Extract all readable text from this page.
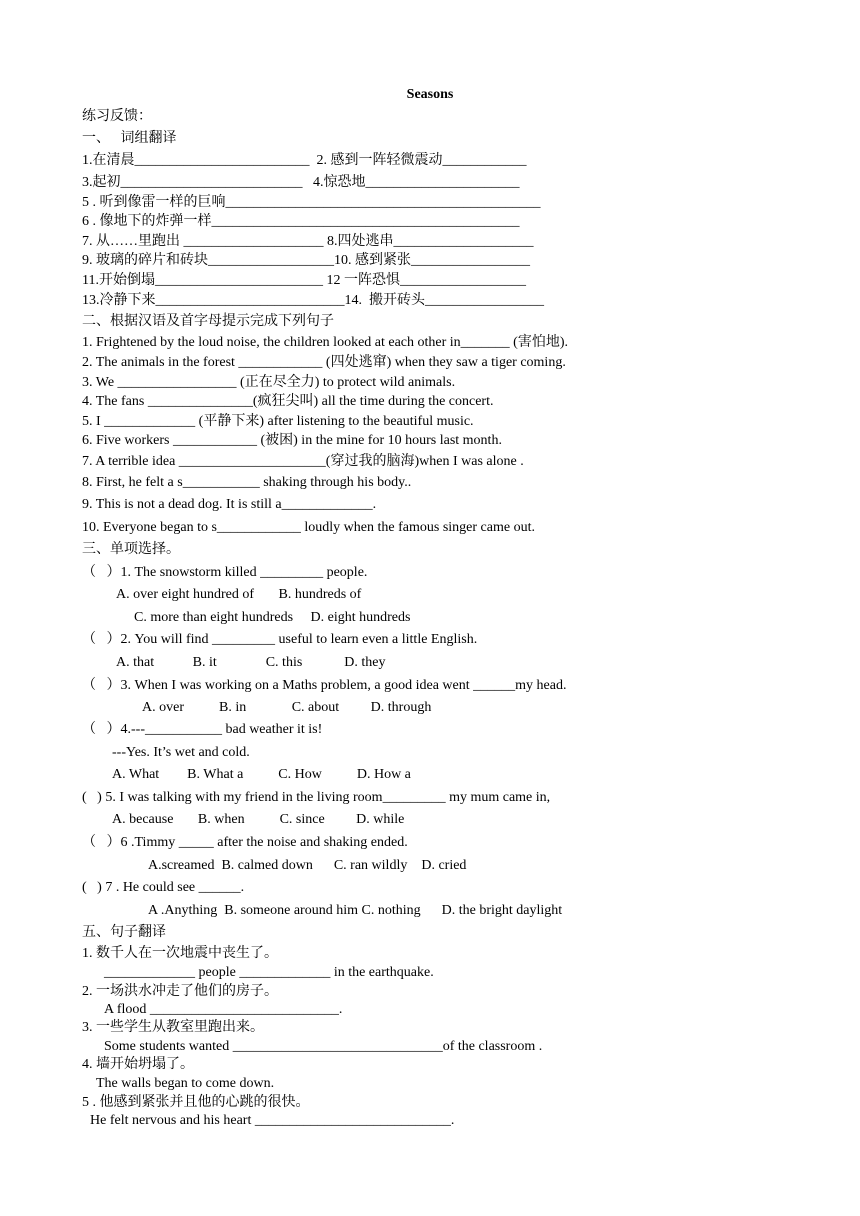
Seasons
练习反馈：
一、   词组翻译
1.在清晨_________________________  2. 感到一阵轻微震动____________
3.起初__________________________   4.惊恐地______________________
5 . 听到像雷一样的巨响_____________________________________________
6 . 像地下的炸弹一样____________________________________________
7. 从……里跑出 ____________________ 8.四处逃串____________________
9. 玻璃的碎片和砖块__________________10. 感到紧张_________________
11.开始倒塌________________________ 12 一阵恐惧__________________
13.冷静下来___________________________14.  搬开砖头_________________
二、根据汉语及首字母提示完成下列句子
1. Frightened by the loud noise, the children looked at each other in_______ (害怕地).
2. The animals in the forest ____________ (四处逃窜) when they saw a tiger coming.
3. We _________________ (正在尽全力) to protect wild animals.
4. The fans _______________(疯狂尖叫) all the time during the concert.
5. I _____________ (平静下来) after listening to the beautiful music.
6. Five workers ____________ (被困) in the mine for 10 hours last month.
7. A terrible idea _____________________(穿过我的脑海)when I was alone .
8. First, he felt a s___________ shaking through his body..
9. This is not a dead dog. It is still a_____________.
10. Everyone began to s____________ loudly when the famous singer came out.
三、单项选择。
（   ）1. The snowstorm killed _________ people.
A. over eight hundred of       B. hundreds of
C. more than eight hundreds     D. eight hundreds
（   ）2. You will find _________ useful to learn even a little English.
A. that           B. it              C. this            D. they
（   ）3. When I was working on a Maths problem, a good idea went ______my head.
A. over          B. in             C. about         D. through
（   ）4.---___________ bad weather it is!
---Yes. It’s wet and cold.
A. What        B. What a          C. How          D. How a
(   ) 5. I was talking with my friend in the living room_________ my mum came in,
A. because       B. when          C. since         D. while
（   ）6 .Timmy _____ after the noise and shaking ended.
A.screamed  B. calmed down      C. ran wildly    D. cried
(   ) 7 . He could see ______.
A .Anything  B. someone around him C. nothing      D. the bright daylight
五、句子翻译
1. 数千人在一次地震中丧生了。
_____________ people _____________ in the earthquake.
2. 一场洪水冲走了他们的房子。
A flood ___________________________.
3. 一些学生从教室里跑出来。
Some students wanted ______________________________of the classroom .
4. 墙开始坍塌了。
The walls began to come down.
5 . 他感到紧张并且他的心跳的很快。
He felt nervous and his heart ____________________________.
